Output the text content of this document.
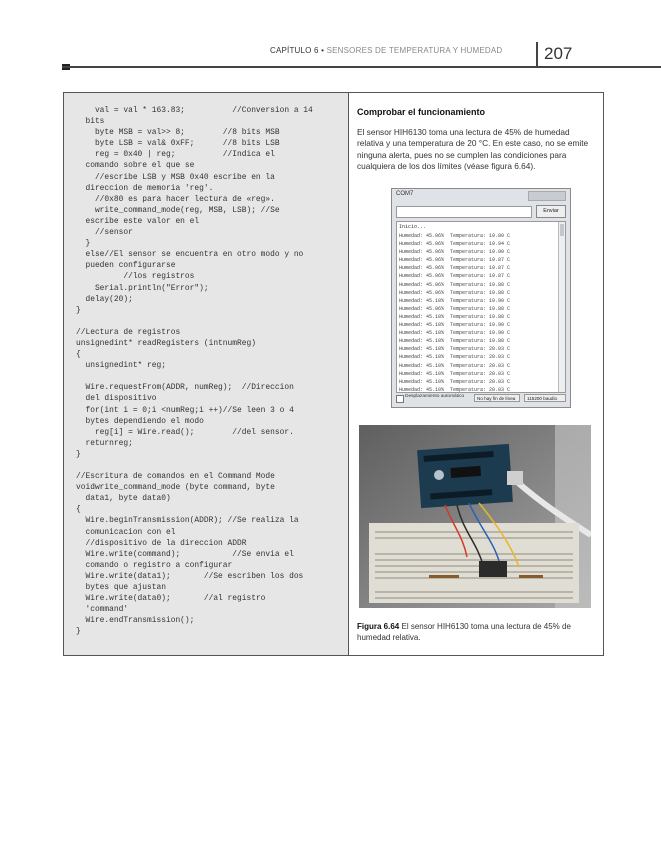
CAPÍTULO 6 • SENSORES DE TEMPERATURA Y HUMEDAD 207
val = val * 163.83;          //Conversion a 14
bits
byte MSB = val>> 8;        //8 bits MSB
byte LSB = val& 0xFF;      //8 bits LSB
reg = 0x40 | reg;          //Indica el
comando sobre el que se
//escribe LSB y MSB 0x40 escribe en la
direccion de memoria 'reg'.
//0x80 es para hacer lectura de «reg».
write_command_mode(reg, MSB, LSB); //Se
escribe este valor en el
//sensor
}
else//El sensor se encuentra en otro modo y no
pueden configurarse
//los registros
Serial.println("Error");
delay(20);
}

//Lectura de registros
unsignedint* readRegisters (intnumReg)
{
unsignedint* reg;

Wire.requestFrom(ADDR, numReg);  //Direccion
del dispositivo
for(int i = 0;i <numReg;i ++)//Se leen 3 o 4
bytes dependiendo el modo
reg[i] = Wire.read();        //del sensor.
returnreg;
}

//Escritura de comandos en el Command Mode
voidwrite_command_mode (byte command, byte
data1, byte data0)
{
Wire.beginTransmission(ADDR); //Se realiza la
comunicacion con el
//dispositivo de la direccion ADDR
Wire.write(command);           //Se envia el
comando o registro a configurar
Wire.write(data1);       //Se escriben los dos
bytes que ajustan
Wire.write(data0);       //al registro
'command'
Wire.endTransmission();
}

Comprobar el funcionamiento

El sensor HIH6130 toma una lectura de 45% de humedad relativa y una temperatura de 20 °C. En este caso, no se emite ninguna alerta, pues no se cumplen las condiciones para cualquiera de los dos límites (véase figura 6.64).

COM7
Enviar
Inicio...
Humedad: 45.06%  Temperatura: 19.80 C
Humedad: 45.06%  Temperatura: 19.94 C
Humedad: 45.06%  Temperatura: 19.90 C
Humedad: 45.06%  Temperatura: 19.87 C
Humedad: 45.06%  Temperatura: 19.87 C
Humedad: 45.06%  Temperatura: 19.87 C
Humedad: 45.06%  Temperatura: 19.88 C
Humedad: 45.06%  Temperatura: 19.88 C
Humedad: 45.10%  Temperatura: 19.90 C
Humedad: 45.06%  Temperatura: 19.88 C
Humedad: 45.10%  Temperatura: 19.88 C
Humedad: 45.10%  Temperatura: 19.90 C
Humedad: 45.10%  Temperatura: 19.90 C
Humedad: 45.10%  Temperatura: 19.88 C
Humedad: 45.10%  Temperatura: 20.03 C
Humedad: 45.10%  Temperatura: 20.03 C
Humedad: 45.10%  Temperatura: 20.03 C
Humedad: 45.10%  Temperatura: 20.03 C
Humedad: 45.10%  Temperatura: 20.03 C
Humedad: 45.10%  Temperatura: 20.03 C
Desplazamiento automático	No hay fin de línea	115200 baudio

Figura 6.64 El sensor HIH6130 toma una lectura de 45% de humedad relativa.
